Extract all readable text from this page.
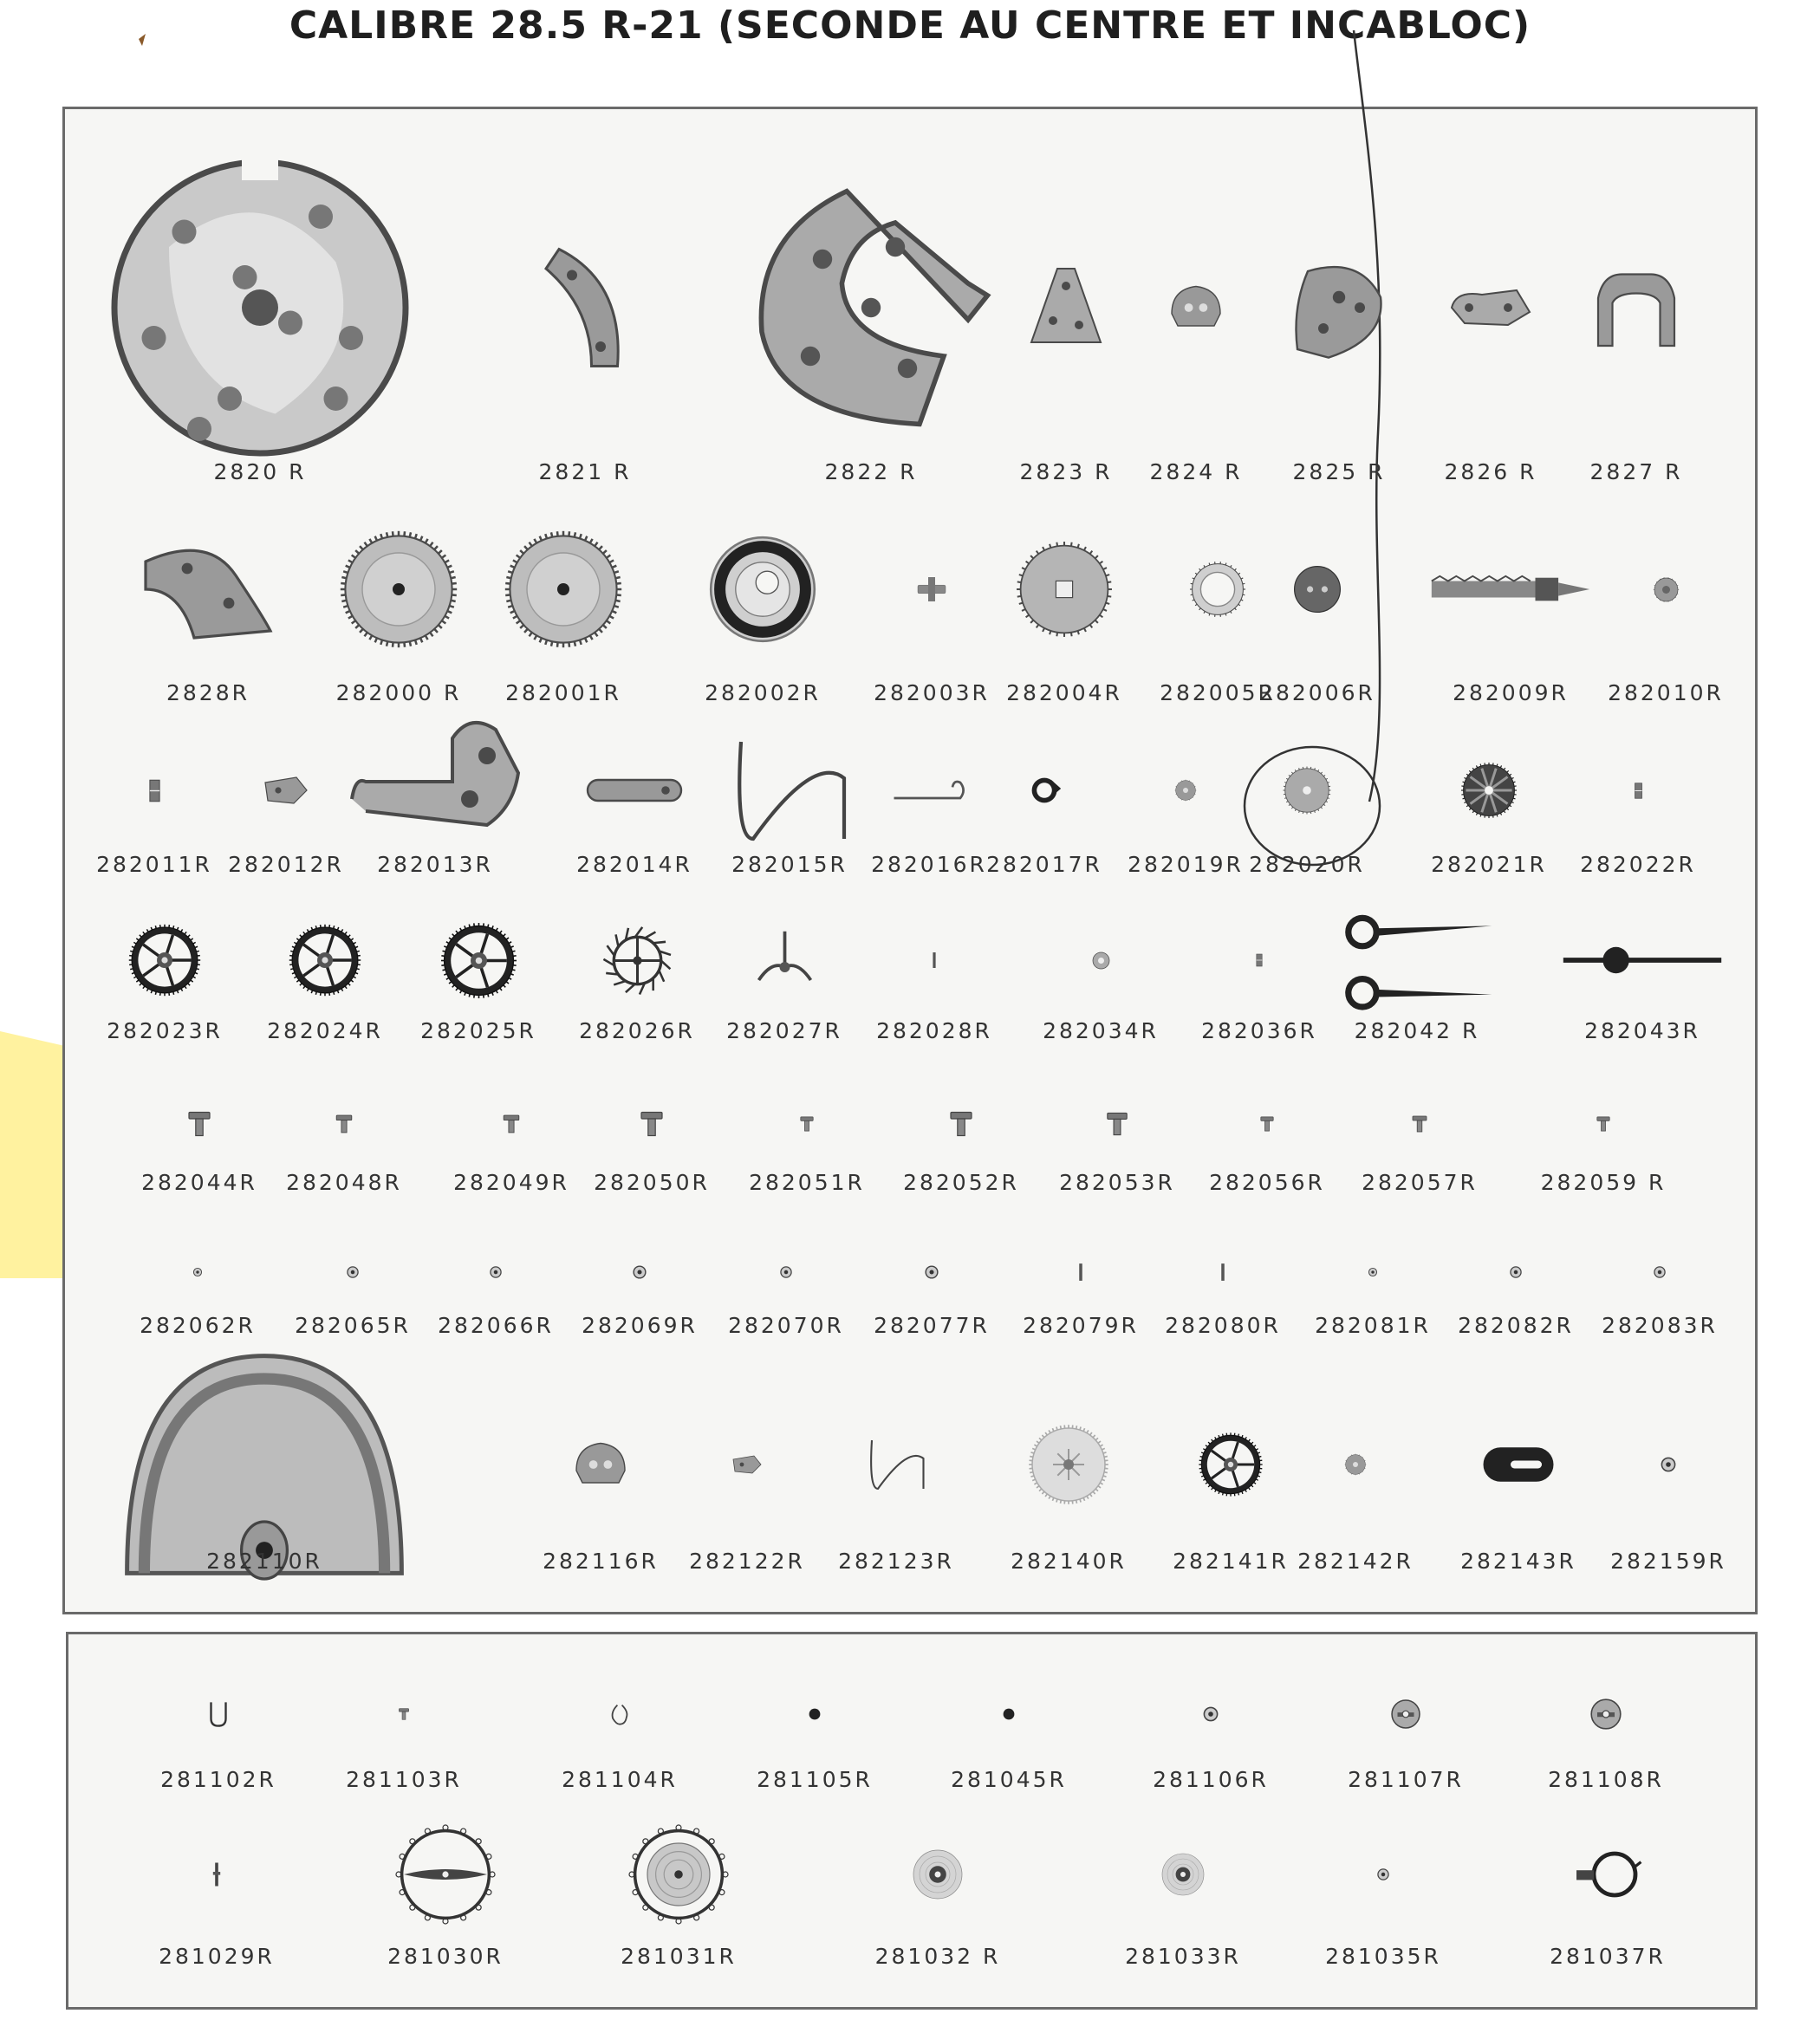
CALIBRE 28.5 R-21 (SECONDE AU CENTRE ET INCABLOC)
2820 R	2821 R	2822 R	2823 R 2824 R 2825 R	2826 R 2827 R
2828R	282000 R 282001R	282002R 282003R 282004R 282005R
282006R	282009R 282010R
282011R 282012R 282013R	282014R 282015R 282016R 282017R 282019R 282020R	282021R 282022R
282023R 282024R 282025R 282026R 282027R 282028R 282034R 282036R 282042 R	282043R
282044R 282048R 282049R 282050R 282051R 282052R 282053R 282056R 282057R	282059 R
282062R 282065R 282066R 282069R 282070R 282077R 282079R 282080R 282081R 282082R 282083R
282110R	282116R 282122R 282123R	282140R 282141R 282142R 282143R 282159R
281102R	281103R	281104R	281105R	281045R	281106R	281107R	281108R
281029R	281030R	281031R	281032 R	281033R	281035R	281037R
